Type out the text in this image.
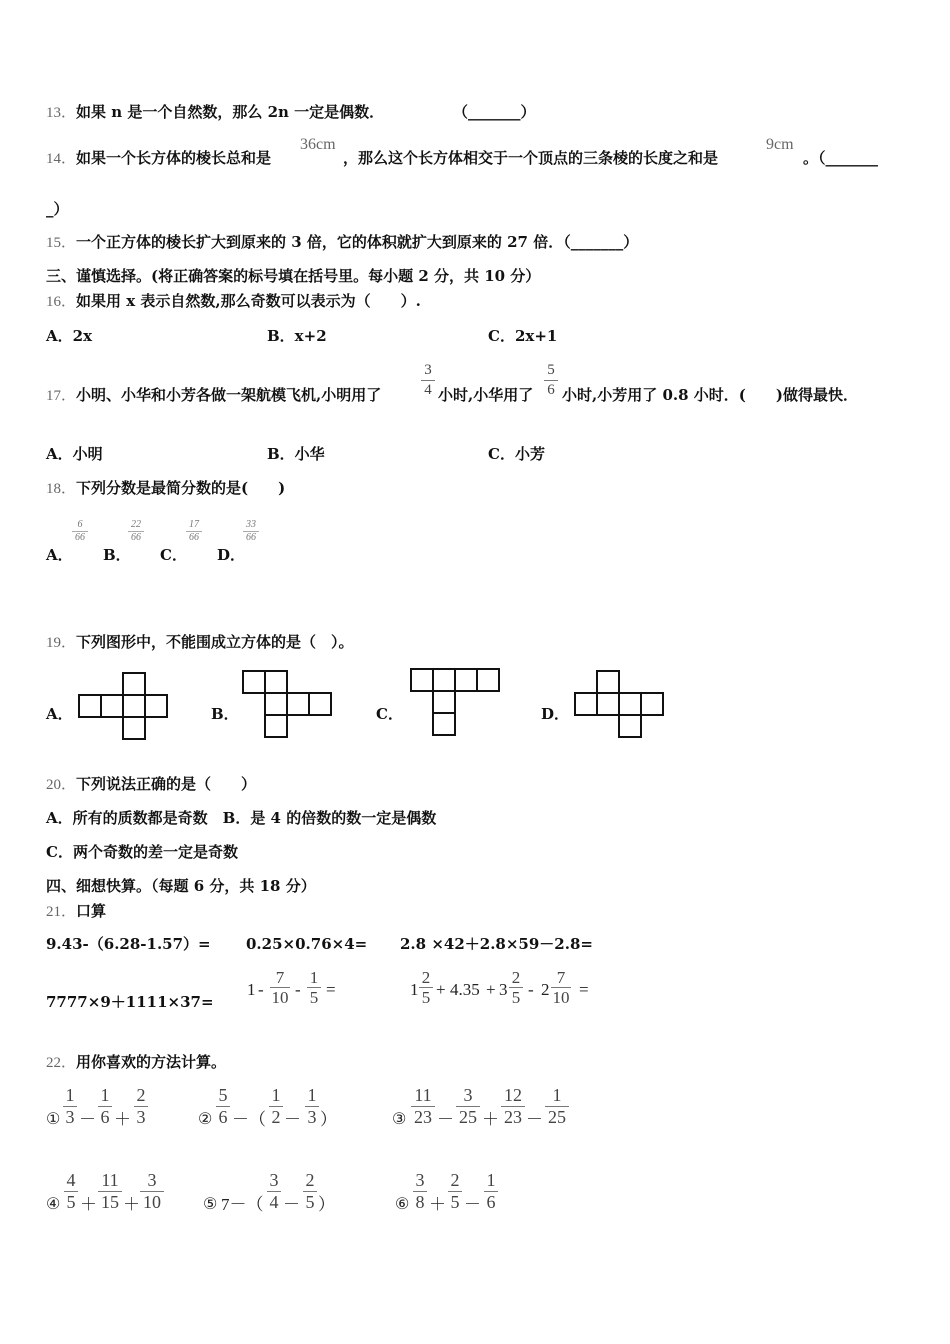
13．如果 n 是一个自然数，那么 2n 一定是偶数．	（_______）
14．如果一个长方体的棱长总和是
36cm
，那么这个长方体相交于一个顶点的三条棱的长度之和是
9cm
。（_______
_）
15．一个正方体的棱长扩大到原来的 3 倍，它的体积就扩大到原来的 27 倍．（_______）
三、谨慎选择。(将正确答案的标号填在括号里。每小题 2 分，共 10 分）
16．如果用 x 表示自然数,那么奇数可以表示为（　　）.
A．2x	B．x+2	C．2x+1
17．小明、小华和小芳各做一架航模飞机,小明用了
3
4 小时,小华用了
5
6 小时,小芳用了 0.8 小时．(　　)做得最快．
A．小明	B．小华	C．小芳
18．下列分数是最简分数的是(　　)
A．
6
66
B．
22
66
C．
17
66
D．
33
66
19．下列图形中，不能围成立方体的是（　）。
A．	B．	C．	D．
20．下列说法正确的是（　　）
A．所有的质数都是奇数　B．是 4 的倍数的数一定是偶数
C．两个奇数的差一定是奇数
四、细想快算。（每题 6 分，共 18 分）
21．口算
9.43-（6.28-1.57）= 0.25×0.76×4= 2.8 ×42＋2.8×59－2.8=
7777×9＋1111×37=
1 -
7
10 -
1
5 =	1
2
5 + 4.35 + 3
2
5 - 2
7
10 =
22．用你喜欢的方法计算。
①
1
3 －
1
6 ＋
2
3	②
5
6 －（
1
2 －
1
3 ）	③
11
23 －
3
25 ＋
12
23 －
1
25
④
4
5 ＋
11
15 ＋
3
10	⑤ 7－（
3
4 －
2
5 ）	⑥
3
8 ＋
2
5 －
1
6
